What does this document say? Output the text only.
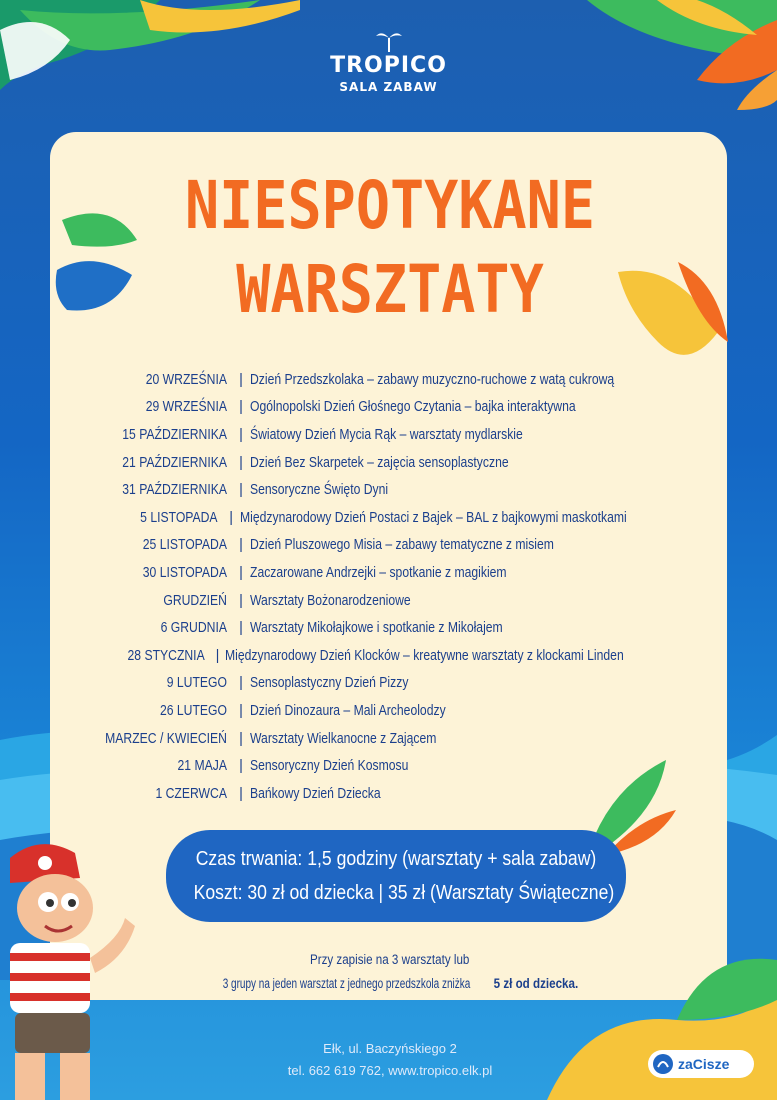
TROPICO
SALA ZABAW
NIESPOTYKANE
WARSZTATY
20 WRZEŚNIA | Dzień Przedszkolaka – zabawy muzyczno-ruchowe z watą cukrową
29 WRZEŚNIA | Ogólnopolski Dzień Głośnego Czytania – bajka interaktywna
15 PAŹDZIERNIKA | Światowy Dzień Mycia Rąk – warsztaty mydlarskie
21 PAŹDZIERNIKA | Dzień Bez Skarpetek – zajęcia sensoplastyczne
31 PAŹDZIERNIKA | Sensoryczne Święto Dyni
5 LISTOPADA | Międzynarodowy Dzień Postaci z Bajek – BAL z bajkowymi maskotkami
25 LISTOPADA | Dzień Pluszowego Misia – zabawy tematyczne z misiem
30 LISTOPADA | Zaczarowane Andrzejki – spotkanie z magikiem
GRUDZIEŃ | Warsztaty Bożonarodzeniowe
6 GRUDNIA | Warsztaty Mikołajkowe i spotkanie z Mikołajem
28 STYCZNIA | Międzynarodowy Dzień Klocków – kreatywne warsztaty z klockami Linden
9 LUTEGO | Sensoplastyczny Dzień Pizzy
26 LUTEGO | Dzień Dinozaura – Mali Archeolodzy
MARZEC / KWIECIEŃ | Warsztaty Wielkanocne z Zającem
21 MAJA | Sensoryczny Dzień Kosmosu
1 CZERWCA | Bańkowy Dzień Dziecka
Czas trwania: 1,5 godziny (warsztaty + sala zabaw)
Koszt: 30 zł od dziecka | 35 zł (Warsztaty Świąteczne)
Przy zapisie na 3 warsztaty lub
3 grupy na jeden warsztat z jednego przedszkola zniżka 5 zł od dziecka.
Ełk, ul. Baczyńskiego 2
tel. 662 619 762, www.tropico.elk.pl	zaCisze
